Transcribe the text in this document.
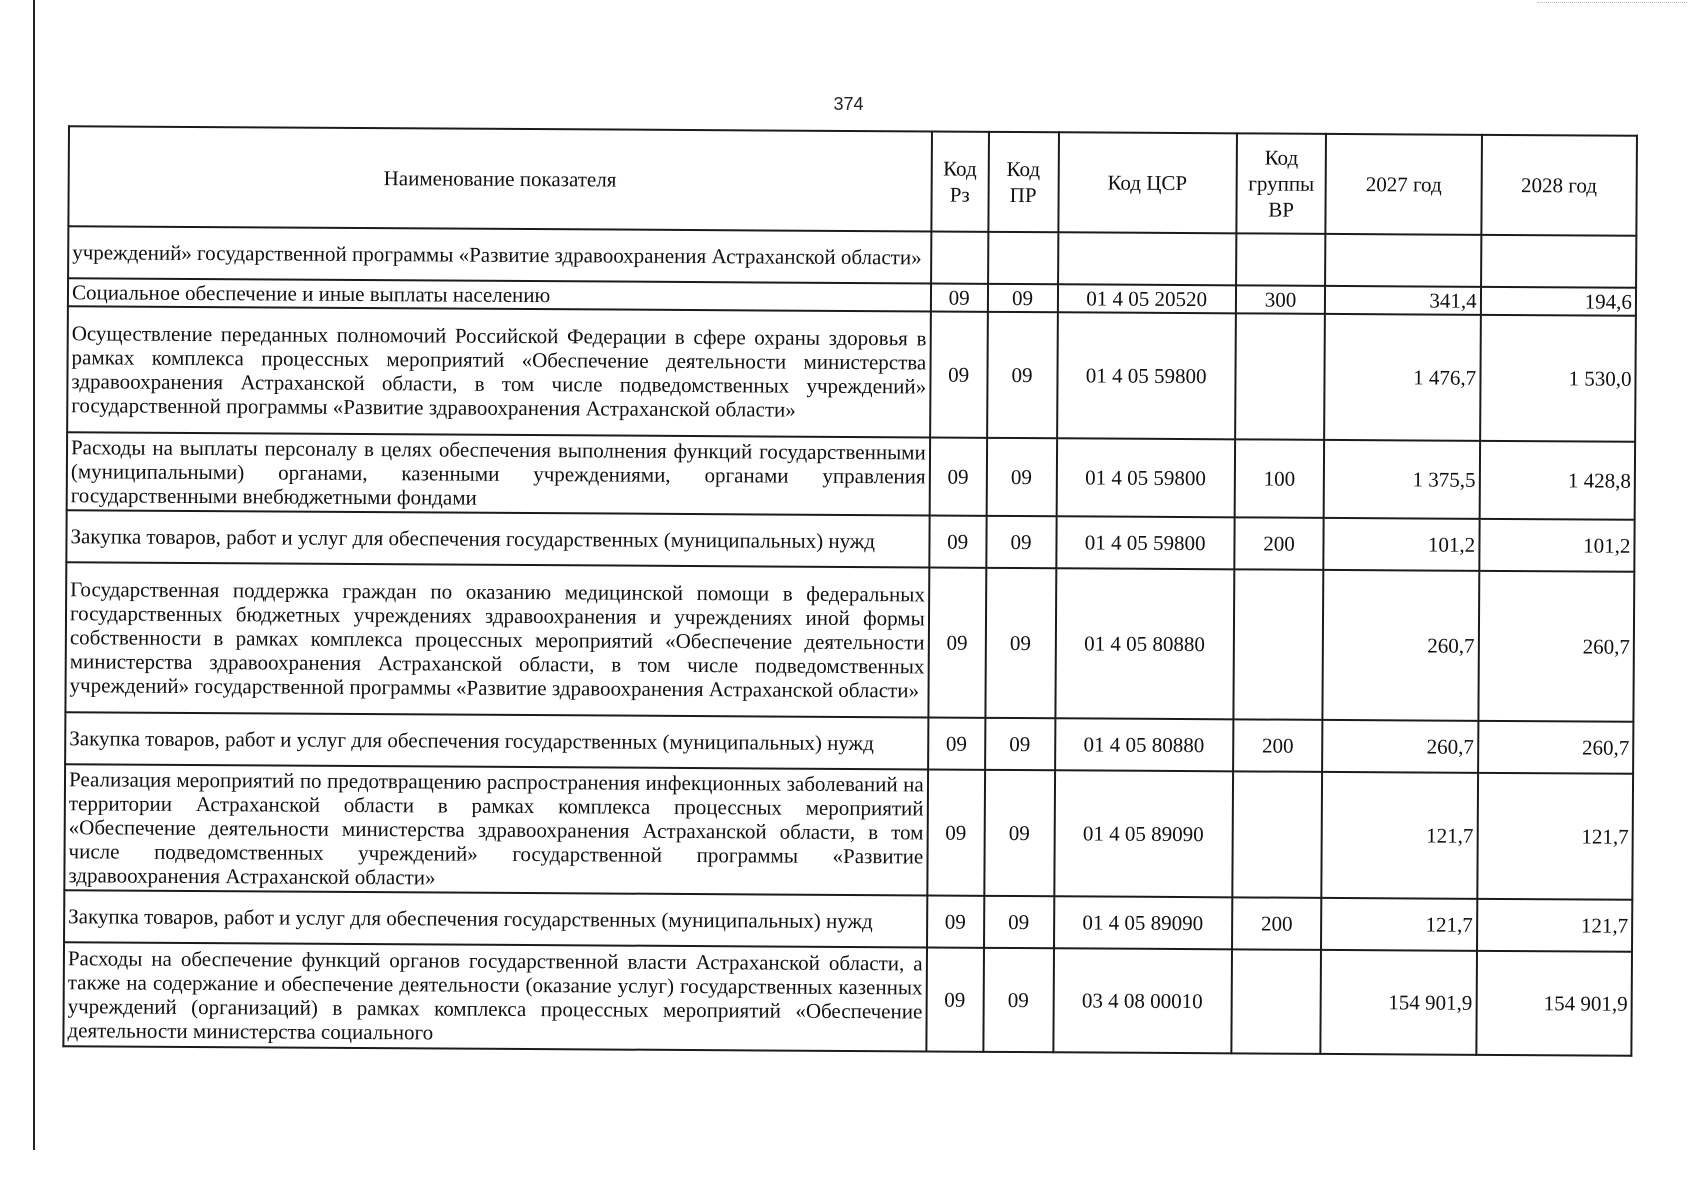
374
Наименование показателя	Код Рз	Код ПР	Код ЦСР	Код группы ВР	2027 год	2028 год
учреждений» государственной программы «Развитие здравоохранения Астраханской области»						
Социальное обеспечение и иные выплаты населению	09	09	01 4 05 20520	300	341,4	194,6
Осуществление переданных полномочий Российской Федерации в сфере охраны здоровья в рамках комплекса процессных мероприятий «Обеспечение деятельности министерства здравоохранения Астраханской области, в том числе подведомственных учреждений» государственной программы «Развитие здравоохранения Астраханской области»	09	09	01 4 05 59800		1 476,7	1 530,0
Расходы на выплаты персоналу в целях обеспечения выполнения функций государственными (муниципальными) органами, казенными учреждениями, органами управления государственными внебюджетными фондами	09	09	01 4 05 59800	100	1 375,5	1 428,8
Закупка товаров, работ и услуг для обеспечения государственных (муниципальных) нужд	09	09	01 4 05 59800	200	101,2	101,2
Государственная поддержка граждан по оказанию медицинской помощи в федеральных государственных бюджетных учреждениях здравоохранения и учреждениях иной формы собственности в рамках комплекса процессных мероприятий «Обеспечение деятельности министерства здравоохранения Астраханской области, в том числе подведомственных учреждений» государственной программы «Развитие здравоохранения Астраханской области»	09	09	01 4 05 80880		260,7	260,7
Закупка товаров, работ и услуг для обеспечения государственных (муниципальных) нужд	09	09	01 4 05 80880	200	260,7	260,7
Реализация мероприятий по предотвращению распространения инфекционных заболеваний на территории Астраханской области в рамках комплекса процессных мероприятий «Обеспечение деятельности министерства здравоохранения Астраханской области, в том числе подведомственных учреждений» государственной программы «Развитие здравоохранения Астраханской области»	09	09	01 4 05 89090		121,7	121,7
Закупка товаров, работ и услуг для обеспечения государственных (муниципальных) нужд	09	09	01 4 05 89090	200	121,7	121,7
Расходы на обеспечение функций органов государственной власти Астраханской области, а также на содержание и обеспечение деятельности (оказание услуг) государственных казенных учреждений (организаций) в рамках комплекса процессных мероприятий «Обеспечение деятельности министерства социального	09	09	03 4 08 00010		154 901,9	154 901,9
